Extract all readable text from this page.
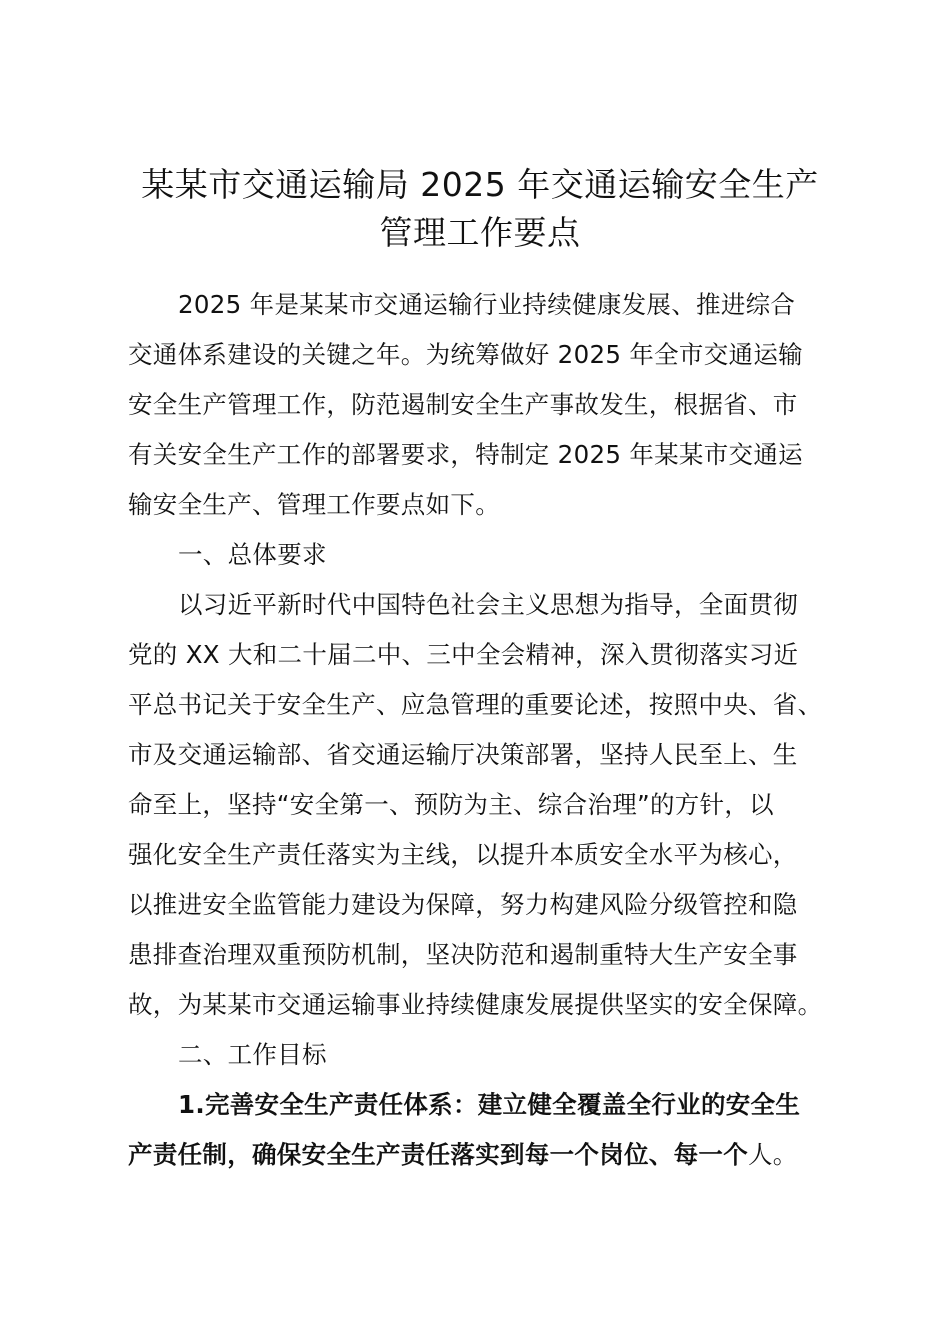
某某市交通运输局 2025 年交通运输安全生产
管理工作要点
2025 年是某某市交通运输行业持续健康发展、推进综合
交通体系建设的关键之年。为统筹做好 2025 年全市交通运输
安全生产管理工作，防范遏制安全生产事故发生，根据省、市
有关安全生产工作的部署要求，特制定 2025 年某某市交通运
输安全生产、管理工作要点如下。
一、总体要求
以习近平新时代中国特色社会主义思想为指导，全面贯彻
党的 XX 大和二十届二中、三中全会精神，深入贯彻落实习近
平总书记关于安全生产、应急管理的重要论述，按照中央、省、
市及交通运输部、省交通运输厅决策部署，坚持人民至上、生
命至上，坚持“安全第一、预防为主、综合治理”的方针，以
强化安全生产责任落实为主线，以提升本质安全水平为核心，
以推进安全监管能力建设为保障，努力构建风险分级管控和隐
患排查治理双重预防机制，坚决防范和遏制重特大生产安全事
故，为某某市交通运输事业持续健康发展提供坚实的安全保障。
二、工作目标
1.完善安全生产责任体系：建立健全覆盖全行业的安全生
产责任制，确保安全生产责任落实到每一个岗位、每一个人。
